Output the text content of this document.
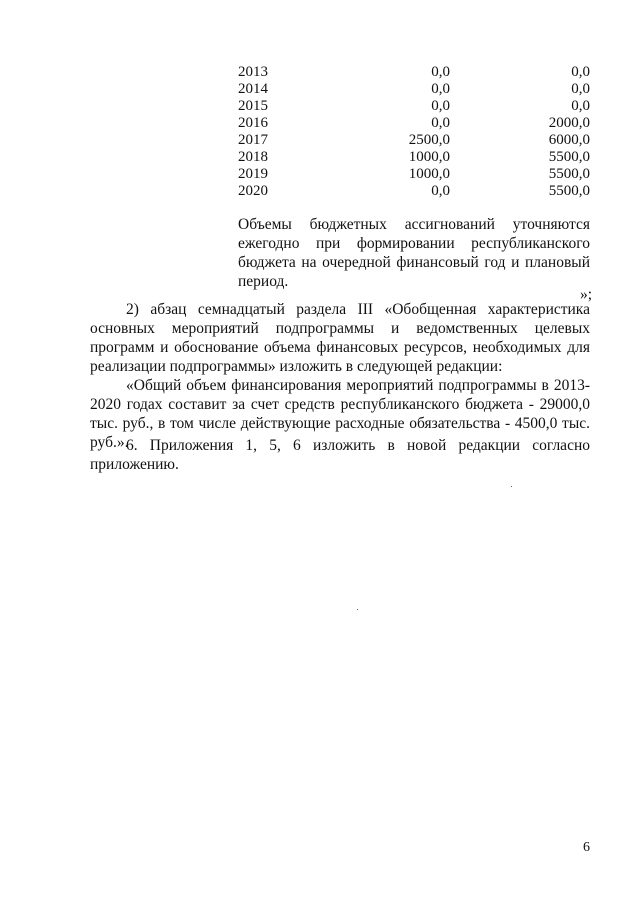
2013	0,0	0,0
2014	0,0	0,0
2015	0,0	0,0
2016	0,0	2000,0
2017	2500,0	6000,0
2018	1000,0	5500,0
2019	1000,0	5500,0
2020	0,0	5500,0
Объемы бюджетных ассигнований уточняются ежегодно при формировании республиканского бюджета на очередной финансовый год и плановый период.
»;
2) абзац семнадцатый раздела III «Обобщенная характеристика основных мероприятий подпрограммы и ведомственных целевых программ и обоснование объема финансовых ресурсов, необходимых для реализации подпрограммы» изложить в следующей редакции:
«Общий объем финансирования мероприятий подпрограммы в 2013-2020 годах составит за счет средств республиканского бюджета - 29000,0 тыс. руб., в том числе действующие расходные обязательства - 4500,0 тыс. руб.».
6. Приложения 1, 5, 6 изложить в новой редакции согласно приложению.
6
